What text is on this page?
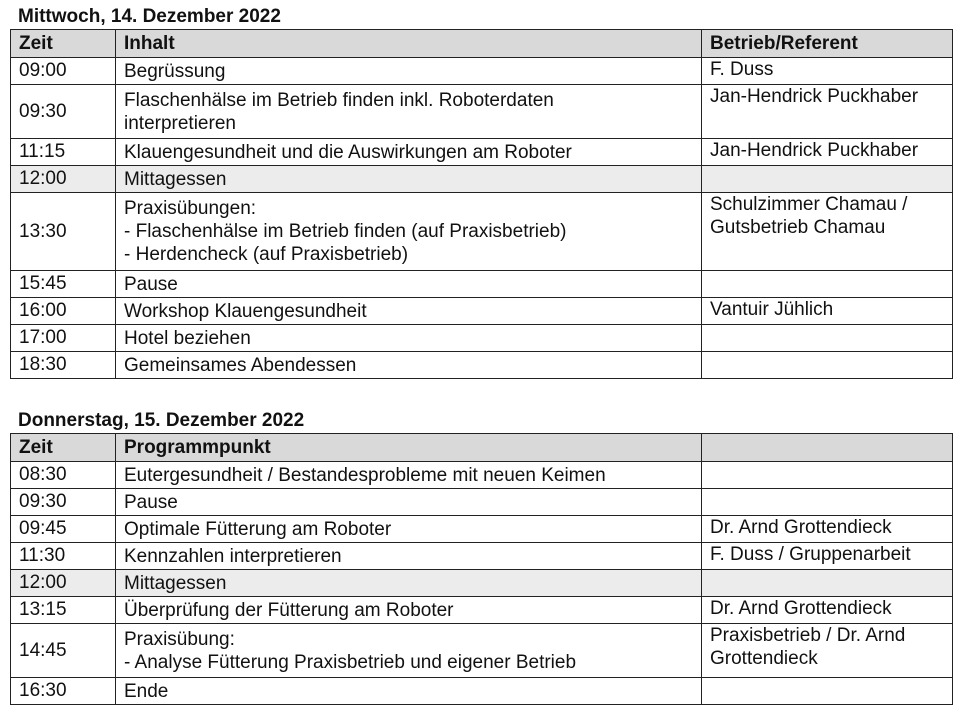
Mittwoch, 14. Dezember 2022
Zeit	Inhalt	Betrieb/Referent
09:00	Begrüssung	F. Duss

09:30	Flaschenhälse im Betrieb finden inkl. Roboterdaten
interpretieren	Jan-Hendrick Puckhaber

11:15	Klauengesundheit und die Auswirkungen am Roboter	Jan-Hendrick Puckhaber

12:00	Mittagessen	

13:30	Praxisübungen:
- Flaschenhälse im Betrieb finden (auf Praxisbetrieb)
- Herdencheck (auf Praxisbetrieb)	Schulzimmer Chamau /
Gutsbetrieb Chamau

15:45	Pause	

16:00	Workshop Klauengesundheit	Vantuir Jühlich

17:00	Hotel beziehen	

18:30	Gemeinsames Abendessen	

Donnerstag, 15. Dezember 2022
Zeit	Programmpunkt	
08:30	Eutergesundheit / Bestandesprobleme mit neuen Keimen	

09:30	Pause	

09:45	Optimale Fütterung am Roboter	Dr. Arnd Grottendieck

11:30	Kennzahlen interpretieren	F. Duss / Gruppenarbeit

12:00	Mittagessen	

13:15	Überprüfung der Fütterung am Roboter	Dr. Arnd Grottendieck

14:45	Praxisübung:
- Analyse Fütterung Praxisbetrieb und eigener Betrieb	Praxisbetrieb / Dr. Arnd
Grottendieck

16:30	Ende	
